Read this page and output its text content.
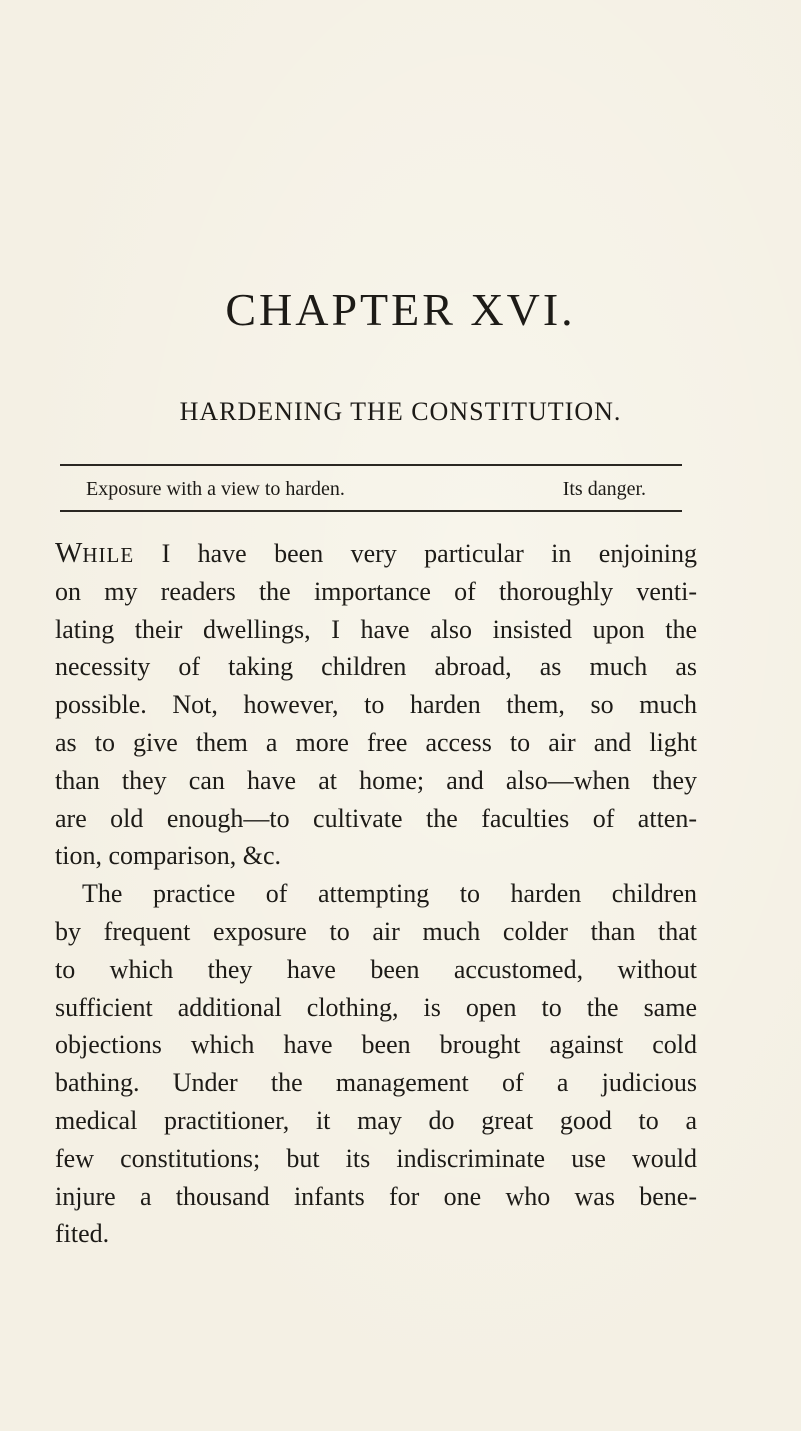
CHAPTER XVI.
HARDENING THE CONSTITUTION.
Exposure with a view to harden.	Its danger.
WHILE I have been very particular in enjoining
on my readers the importance of thoroughly venti-
lating their dwellings, I have also insisted upon the
necessity of taking children abroad, as much as
possible. Not, however, to harden them, so much
as to give them a more free access to air and light
than they can have at home; and also—when they
are old enough—to cultivate the faculties of atten-
tion, comparison, &c.
The practice of attempting to harden children
by frequent exposure to air much colder than that
to which they have been accustomed, without
sufficient additional clothing, is open to the same
objections which have been brought against cold
bathing. Under the management of a judicious
medical practitioner, it may do great good to a
few constitutions; but its indiscriminate use would
injure a thousand infants for one who was bene-
fited.
